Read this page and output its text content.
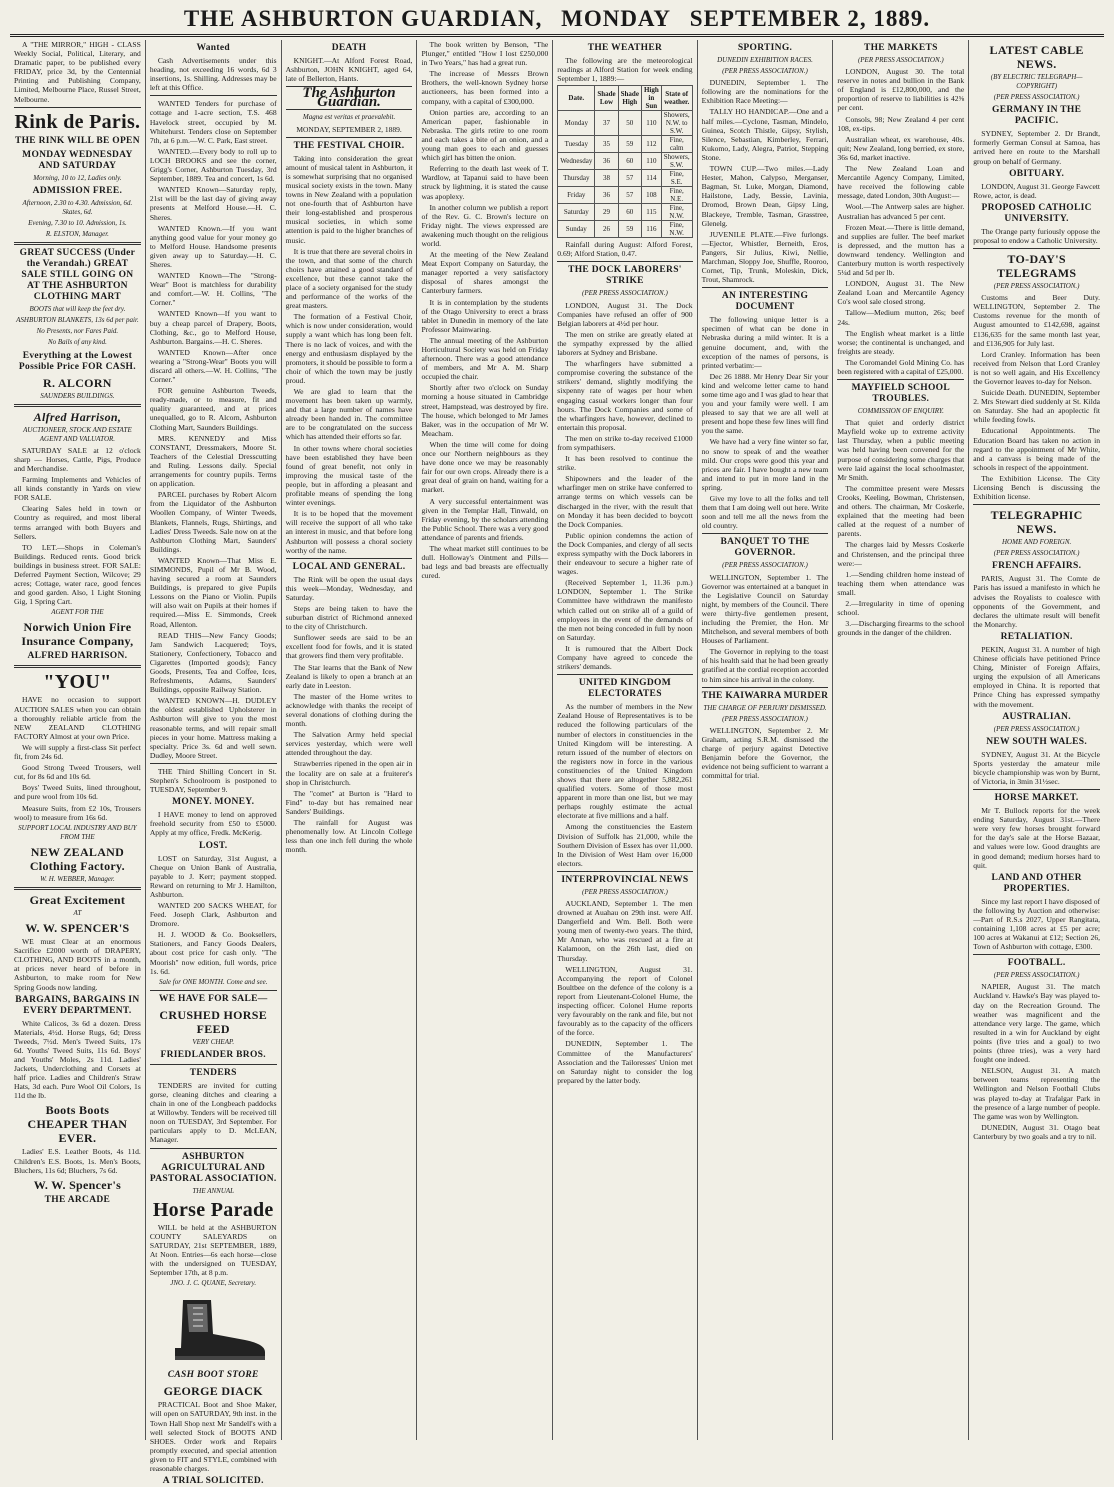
THE ASHBURTON GUARDIAN, MONDAY SEPTEMBER 2, 1889.

A "THE MIRROR," HIGH - CLASS Weekly Social, Political, Literary, and Dramatic paper, to be published every FRIDAY, price 3d, by the Centennial Printing and Publishing Company, Limited, Melbourne Place, Russel Street, Melbourne.

Rink de Paris.
THE RINK WILL BE OPEN
MONDAY WEDNESDAY AND SATURDAY
Morning, 10 to 12, Ladies only.
ADMISSION FREE.
Afternoon, 2.30 to 4.30. Admission, 6d. Skates, 6d.
Evening, 7.30 to 10. Admission, 1s.
R. ELSTON, Manager.
GREAT SUCCESS (Under the Verandah.) GREAT SALE STILL GOING ON AT THE ASHBURTON CLOTHING MART
BOOTS that will keep the feet dry.
ASHBURTON BLANKETS, 13s 6d per pair.
No Presents, nor Fares Paid.
No Bails of any kind.
Everything at the Lowest Possible Price FOR CASH.
R. ALCORN
SAUNDERS BUILDINGS.
Alfred Harrison,
AUCTIONEER, STOCK AND ESTATE AGENT AND VALUATOR.

SATURDAY SALE at 12 o'clock sharp — Horses, Cattle, Pigs, Produce and Merchandise.

Farming Implements and Vehicles of all kinds constantly in Yards on view FOR SALE.

Clearing Sales held in town or Country as required, and most liberal terms arranged with both Buyers and Sellers.

TO LET.—Shops in Coleman's Buildings. Reduced rents. Good brick buildings in business street. FOR SALE: Deferred Payment Section, Wilcove; 29 acres; Cottage, water race, good fences and good garden. Also, 1 Light Stoning Gig, 1 Spring Cart.

AGENT FOR THE
Norwich Union Fire Insurance Company,
ALFRED HARRISON.
"YOU"

HAVE no occasion to support AUCTION SALES when you can obtain a thoroughly reliable article from the NEW ZEALAND CLOTHING FACTORY Almost at your own Price.

We will supply a first-class Sit perfect fit, from 24s 6d.

Good Strong Tweed Trousers, well cut, for 8s 6d and 10s 6d.

Boys' Tweed Suits, lined throughout, and pure wool from 10s 6d.

Measure Suits, from £2 10s, Trousers wool) to measure from 16s 6d.

SUPPORT LOCAL INDUSTRY AND BUY FROM THE
NEW ZEALAND Clothing Factory.
W. H. WEBBER, Manager.
Great Excitement
AT
W. W. SPENCER'S

WE must Clear at an enormous Sacrifice £2000 worth of DRAPERY, CLOTHING, AND BOOTS in a month, at prices never heard of before in Ashburton, to make room for New Spring Goods now landing.

BARGAINS, BARGAINS IN EVERY DEPARTMENT.

White Calicos, 3s 6d a dozen. Dress Materials, 4½d. Horse Rugs, 6d; Dress Tweeds, 7½d. Men's Tweed Suits, 17s 6d. Youths' Tweed Suits, 11s 6d. Boys' and Youths' Moles, 2s 11d. Ladies' Jackets, Underclothing and Corsets at half price. Ladies and Children's Straw Hats, 3d each. Pure Wool Oil Colors, 1s 11d the lb.

Boots Boots CHEAPER THAN EVER.

Ladies' E.S. Leather Boots, 4s 11d. Children's E.S. Boots, 1s. Men's Boots, Bluchers, 11s 6d; Bluchers, 7s 6d.

W. W. Spencer's
THE ARCADE
Wanted

Cash Advertisements under this heading, not exceeding 16 words, 6d 3 insertions, 1s. Shilling. Addresses may be left at this Office.

WANTED Tenders for purchase of cottage and 1-acre section, T.S. 468 Havelock street, occupied by M. Whitehurst. Tenders close on September 7th, at 6 p.m.—W. C. Park, East street.

WANTED.—Every body to roll up to LOCH BROOKS and see the corner, Grigg's Corner, Ashburton Tuesday, 3rd September, 1889. Tea and concert, 1s 6d.

WANTED Known—Saturday reply, 21st will be the last day of giving away presents at Melford House.—H. C. Sheres.

WANTED Known.—If you want anything good value for your money go to Melford House. Handsome presents given away up to Saturday.—H. C. Sheres.

WANTED Known—The "Strong-Wear" Boot is matchless for durability and comfort.—W. H. Collins, "The Corner."

WANTED Known—If you want to buy a cheap parcel of Drapery, Boots, Clothing, &c., go to Melford House, Ashburton. Bargains.—H. C. Sheres.

WANTED Known—After once wearing a "Strong-Wear" Boots you will discard all others.—W. H. Collins, "The Corner."

FOR genuine Ashburton Tweeds, ready-made, or to measure, fit and quality guaranteed, and at prices unequalled, go to R. Alcorn, Ashburton Clothing Mart, Saunders Buildings.

MRS. KENNEDY and Miss CONSTANT, Dressmakers, Moore St. Teachers of the Celestial Dresscutting and Ruling. Lessons daily. Special arrangements for country pupils. Terms on application.

PARCEL purchases by Robert Alcorn from the Liquidator of the Ashburton Woollen Company, of Winter Tweeds, Blankets, Flannels, Rugs, Shirtings, and Ladies' Dress Tweeds. Sale now on at the Ashburton Clothing Mart, Saunders' Buildings.

WANTED Known—That Miss E. SIMMONDS, Pupil of Mr B. Wood, having secured a room at Saunders Buildings, is prepared to give Pupils Lessons on the Piano or Violin. Pupils will also wait on Pupils at their homes if required.—Miss E. Simmonds, Creek Road, Allenton.

READ THIS—New Fancy Goods; Jam Sandwich Lacquered; Toys, Stationery, Confectionery, Tobacco and Cigarettes (Imported goods); Fancy Goods, Presents, Tea and Coffee, Ices, Refreshments, Adams, Saunders' Buildings, opposite Railway Station.

WANTED KNOWN—H. DUDLEY the oldest established Upholsterer in Ashburton will give to you the most reasonable terms, and will repair small pieces in your home. Mattress making a specialty. Price 3s. 6d and well sewn. Dudley, Moore Street.

THE Third Shilling Concert in St. Stephen's Schoolroom is postponed to TUESDAY, September 9.

MONEY. MONEY.

I HAVE money to lend on approved freehold security from £50 to £5000. Apply at my office, Fredk. McKerig.

LOST.

LOST on Saturday, 31st August, a Cheque on Union Bank of Australia, payable to J. Kerr; payment stopped. Reward on returning to Mr J. Hamilton, Ashburton.

WANTED 200 SACKS WHEAT, for Feed. Joseph Clark, Ashburton and Dromore.

H. J. WOOD & Co. Booksellers, Stationers, and Fancy Goods Dealers, about cost price for cash only. "The Moorish" now edition, full words, price 1s. 6d.

Sale for ONE MONTH. Come and see.
WE HAVE FOR SALE—
CRUSHED HORSE FEED
VERY CHEAP.
FRIEDLANDER BROS.
TENDERS

TENDERS are invited for cutting gorse, cleaning ditches and clearing a chain in one of the Longbeach paddocks at Willowby. Tenders will be received till noon on TUESDAY, 3rd September. For particulars apply to D. McLEAN, Manager.

ASHBURTON AGRICULTURAL AND PASTORAL ASSOCIATION.
THE ANNUAL
Horse Parade

WILL be held at the ASHBURTON COUNTY SALEYARDS on SATURDAY, 21st SEPTEMBER, 1889, At Noon. Entries—6s each horse—close with the undersigned on TUESDAY, September 17th, at 8 p.m.

JNO. J. C. QUANE, Secretary.
CASH BOOT STORE
GEORGE DIACK

PRACTICAL Boot and Shoe Maker, will open on SATURDAY, 9th inst. in the Town Hall Shop next Mr Sandell's with a well selected Stock of BOOTS AND SHOES. Order work and Repairs promptly executed, and special attention given to FIT and STYLE, combined with reasonable charges.

A TRIAL SOLICITED.
DEATH

KNIGHT.—At Alford Forest Road, Ashburton, JOHN KNIGHT, aged 64, late of Bellerton, Hants.

The Ashburton Guardian.
Magna est veritas et praevalebit.
MONDAY, SEPTEMBER 2, 1889.
THE FESTIVAL CHOIR.

Taking into consideration the great amount of musical talent in Ashburton, it is somewhat surprising that no organised musical society exists in the town. Many towns in New Zealand with a population not one-fourth that of Ashburton have their long-established and prosperous musical societies, in which some attention is paid to the higher branches of music.

It is true that there are several choirs in the town, and that some of the church choirs have attained a good standard of excellence, but these cannot take the place of a society organised for the study and performance of the works of the great masters.

The formation of a Festival Choir, which is now under consideration, would supply a want which has long been felt. There is no lack of voices, and with the energy and enthusiasm displayed by the promoters, it should be possible to form a choir of which the town may be justly proud.

We are glad to learn that the movement has been taken up warmly, and that a large number of names have already been handed in. The committee are to be congratulated on the success which has attended their efforts so far.

In other towns where choral societies have been established they have been found of great benefit, not only in improving the musical taste of the people, but in affording a pleasant and profitable means of spending the long winter evenings.

It is to be hoped that the movement will receive the support of all who take an interest in music, and that before long Ashburton will possess a choral society worthy of the name.

LOCAL AND GENERAL.

The Rink will be open the usual days this week—Monday, Wednesday, and Saturday.

Steps are being taken to have the suburban district of Richmond annexed to the city of Christchurch.

Sunflower seeds are said to be an excellent food for fowls, and it is stated that growers find them very profitable.

The Star learns that the Bank of New Zealand is likely to open a branch at an early date in Leeston.

The master of the Home writes to acknowledge with thanks the receipt of several donations of clothing during the month.

The Salvation Army held special services yesterday, which were well attended throughout the day.

Strawberries ripened in the open air in the locality are on sale at a fruiterer's shop in Christchurch.

The "comet" at Burton is "Hard to Find" to-day but has remained near Sanders' Buildings.

The rainfall for August was phenomenally low. At Lincoln College less than one inch fell during the whole month.

The book written by Benson, "The Plunger," entitled "How I lost £250,000 in Two Years," has had a great run.

The increase of Messrs Brown Brothers, the well-known Sydney horse auctioneers, has been formed into a company, with a capital of £300,000.

Onion parties are, according to an American paper, fashionable in Nebraska. The girls retire to one room and each takes a bite of an onion, and a young man goes to each and guesses which girl has bitten the onion.

Referring to the death last week of T. Wardlow, at Tapanui said to have been struck by lightning, it is stated the cause was apoplexy.

In another column we publish a report of the Rev. G. C. Brown's lecture on Friday night. The views expressed are awakening much thought on the religious world.

At the meeting of the New Zealand Meat Export Company on Saturday, the manager reported a very satisfactory disposal of shares amongst the Canterbury farmers.

It is in contemplation by the students of the Otago University to erect a brass tablet in Dunedin in memory of the late Professor Mainwaring.

The annual meeting of the Ashburton Horticultural Society was held on Friday afternoon. There was a good attendance of members, and Mr A. M. Sharp occupied the chair.

Shortly after two o'clock on Sunday morning a house situated in Cambridge street, Hampstead, was destroyed by fire. The house, which belonged to Mr James Baker, was in the occupation of Mr W. Meacham.

When the time will come for doing once our Northern neighbours as they have done once we may be reasonably fair for our own crops. Already there is a great deal of grain on hand, waiting for a market.

A very successful entertainment was given in the Templar Hall, Tinwald, on Friday evening, by the scholars attending the Public School. There was a very good attendance of parents and friends.

The wheat market still continues to be dull. Holloway's Ointment and Pills—bad legs and bad breasts are effectually cured.

THE WEATHER

The following are the meteorological readings at Alford Station for week ending September 1, 1889:—

Date.	Shade Low	Shade High	High in Sun	State of weather.
Monday	37	50	110	Showers, N.W. to S.W.
Tuesday	35	59	112	Fine, calm
Wednesday	36	60	110	Showers, S.W.
Thursday	38	57	114	Fine, S.E.
Friday	36	57	108	Fine, N.E.
Saturday	29	60	115	Fine, N.W.
Sunday	26	59	116	Fine, N.W.

Rainfall during August: Alford Forest, 0.69; Alford Station, 0.47.

THE DOCK LABORERS' STRIKE
(PER PRESS ASSOCIATION.)

LONDON, August 31. The Dock Companies have refused an offer of 900 Belgian laborers at 4½d per hour.

The men on strike are greatly elated at the sympathy expressed by the allied laborers at Sydney and Brisbane.

The wharfingers have submitted a compromise covering the substance of the strikers' demand, slightly modifying the sixpenny rate of wages per hour when engaging casual workers longer than four hours. The Dock Companies and some of the wharfingers have, however, declined to entertain this proposal.

The men on strike to-day received £1000 from sympathisers.

It has been resolved to continue the strike.

Shipowners and the leader of the wharfinger men on strike have conferred to arrange terms on which vessels can be discharged in the river, with the result that on Monday it has been decided to boycott the Dock Companies.

Public opinion condemns the action of the Dock Companies, and clergy of all sects express sympathy with the Dock laborers in their endeavour to secure a higher rate of wages.

(Received September 1, 11.36 p.m.) LONDON, September 1. The Strike Committee have withdrawn the manifesto which called out on strike all of a guild of employees in the event of the demands of the men not being conceded in full by noon on Saturday.

It is rumoured that the Albert Dock Company have agreed to concede the strikers' demands.

UNITED KINGDOM ELECTORATES

As the number of members in the New Zealand House of Representatives is to be reduced the following particulars of the number of electors in constituencies in the United Kingdom will be interesting. A return issued of the number of electors on the registers now in force in the various constituencies of the United Kingdom shows that there are altogether 5,882,261 qualified voters. Some of those most apparent in more than one list, but we may perhaps roughly estimate the actual electorate at five millions and a half.

Among the constituencies the Eastern Division of Suffolk has 21,000, while the Southern Division of Essex has over 11,000. In the Division of West Ham over 16,000 electors.

INTERPROVINCIAL NEWS
(PER PRESS ASSOCIATION.)

AUCKLAND, September 1. The men drowned at Auahau on 29th inst. were Alf. Dangerfield and Wm. Bell. Both were young men of twenty-two years. The third, Mr Annan, who was rescued at a fire at Kalamoon, on the 26th last, died on Thursday.

WELLINGTON, August 31. Accompanying the report of Colonel Boultbee on the defence of the colony is a report from Lieutenant-Colonel Hume, the inspecting officer. Colonel Hume reports very favourably on the rank and file, but not favourably as to the capacity of the officers of the force.

DUNEDIN, September 1. The Committee of the Manufacturers' Association and the Tailoresses' Union met on Saturday night to consider the log prepared by the latter body.

SPORTING.
DUNEDIN EXHIBITION RACES.
(PER PRESS ASSOCIATION.)

DUNEDIN, September 1. The following are the nominations for the Exhibition Race Meeting:—

TALLY HO HANDICAP.—One and a half miles.—Cyclone, Tasman, Mindelo, Guinea, Scotch Thistle, Gipsy, Stylish, Silence, Sebastian, Kimberley, Ferrari, Kukomo, Lady, Alegra, Patriot, Stepping Stone.

TOWN CUP.—Two miles.—Lady Hester, Mahon, Calypso, Merganser, Bagman, St. Luke, Morgan, Diamond, Hailstone, Lady, Bessie, Lavinia, Dromod, Brown Dean, Gipsy Ling, Blackeye, Tremble, Tasman, Grasstree, Glenelg.

JUVENILE PLATE.—Five furlongs.—Ejector, Whistler, Berneith, Eros, Pangers, Sir Julius, Kiwi, Nellie, Marchman, Sloppy Joe, Shuffle, Rooroo, Cornet, Tip, Trunk, Moleskin, Dick, Trout, Shamrock.

AN INTERESTING DOCUMENT

The following unique letter is a specimen of what can be done in Nebraska during a mild winter. It is a genuine document, and, with the exception of the names of persons, is printed verbatim:—

Dec 26 1888. Mr Henry Dear Sir your kind and welcome letter came to hand some time ago and I was glad to hear that you and your family were well. I am pleased to say that we are all well at present and hope these few lines will find you the same.

We have had a very fine winter so far, no snow to speak of and the weather mild. Our crops were good this year and prices are fair. I have bought a new team and intend to put in more land in the spring.

Give my love to all the folks and tell them that I am doing well out here. Write soon and tell me all the news from the old country.

BANQUET TO THE GOVERNOR.
(PER PRESS ASSOCIATION.)

WELLINGTON, September 1. The Governor was entertained at a banquet in the Legislative Council on Saturday night, by members of the Council. There were thirty-five gentlemen present, including the Premier, the Hon. Mr Mitchelson, and several members of both Houses of Parliament.

The Governor in replying to the toast of his health said that he had been greatly gratified at the cordial reception accorded to him since his arrival in the colony.

THE KAIWARRA MURDER
THE CHARGE OF PERJURY DISMISSED.
(PER PRESS ASSOCIATION.)

WELLINGTON, September 2. Mr Graham, acting S.R.M. dismissed the charge of perjury against Detective Benjamin before the Governor, the evidence not being sufficient to warrant a committal for trial.

THE MARKETS
(PER PRESS ASSOCIATION.)

LONDON, August 30. The total reserve in notes and bullion in the Bank of England is £12,800,000, and the proportion of reserve to liabilities is 42⅝ per cent.

Consols, 98; New Zealand 4 per cent 108, ex-tips.

Australian wheat, ex warehouse, 40s. quit; New Zealand, long berried, ex store, 36s 6d, market inactive.

The New Zealand Loan and Mercantile Agency Company, Limited, have received the following cable message, dated London, 30th August:—

Wool.—The Antwerp sales are higher. Australian has advanced 5 per cent.

Frozen Meat.—There is little demand, and supplies are fuller. The beef market is depressed, and the mutton has a downward tendency. Wellington and Canterbury mutton is worth respectively 5¼d and 5d per lb.

LONDON, August 31. The New Zealand Loan and Mercantile Agency Co's wool sale closed strong.

Tallow—Medium mutton, 26s; beef 24s.

The English wheat market is a little worse; the continental is unchanged, and freights are steady.

The Coromandel Gold Mining Co. has been registered with a capital of £25,000.

MAYFIELD SCHOOL TROUBLES.
COMMISSION OF ENQUIRY.

That quiet and orderly district Mayfield woke up to extreme activity last Thursday, when a public meeting was held having been convened for the purpose of considering some charges that were laid against the local schoolmaster, Mr Smith.

The committee present were Messrs Crooks, Keeling, Bowman, Christensen, and others. The chairman, Mr Coskerle, explained that the meeting had been called at the request of a number of parents.

The charges laid by Messrs Coskerle and Christensen, and the principal three were:—

1.—Sending children home instead of teaching them when attendance was small.

2.—Irregularity in time of opening school.

3.—Discharging firearms to the school grounds in the danger of the children.

LATEST CABLE NEWS.
(BY ELECTRIC TELEGRAPH—COPYRIGHT)
(PER PRESS ASSOCIATION.)
GERMANY IN THE PACIFIC.

SYDNEY, September 2. Dr Brandt, formerly German Consul at Samoa, has arrived here en route to the Marshall group on behalf of Germany.

OBITUARY.

LONDON, August 31. George Fawcett Rowe, actor, is dead.

PROPOSED CATHOLIC UNIVERSITY.

The Orange party furiously oppose the proposal to endow a Catholic University.

TO-DAY'S TELEGRAMS
(PER PRESS ASSOCIATION.)

Customs and Beer Duty. WELLINGTON, September 2. The Customs revenue for the month of August amounted to £142,698, against £136,635 for the same month last year, and £136,905 for July last.

Lord Cranley. Information has been received from Nelson that Lord Cranley is not so well again, and His Excellency the Governor leaves to-day for Nelson.

Suicide Death. DUNEDIN, September 2. Mrs Stewart died suddenly at St. Kilda on Saturday. She had an apoplectic fit while feeding fowls.

Educational Appointments. The Education Board has taken no action in regard to the appointment of Mr White, and a canvass is being made of the schools in respect of the appointment.

The Exhibition License. The City Licensing Bench is discussing the Exhibition license.

TELEGRAPHIC NEWS.
HOME AND FOREIGN.
(PER PRESS ASSOCIATION.)
FRENCH AFFAIRS.

PARIS, August 31. The Comte de Paris has issued a manifesto in which he advises the Royalists to coalesce with opponents of the Government, and declares the ultimate result will benefit the Monarchy.

RETALIATION.

PEKIN, August 31. A number of high Chinese officials have petitioned Prince Ching, Minister of Foreign Affairs, urging the expulsion of all Americans employed in China. It is reported that Prince Ching has expressed sympathy with the movement.

AUSTRALIAN.
(PER PRESS ASSOCIATION.)
NEW SOUTH WALES.

SYDNEY, August 31. At the Bicycle Sports yesterday the amateur mile bicycle championship was won by Burnt, of Victoria, in 3min 31½sec.

HORSE MARKET.

Mr T. Bullock reports for the week ending Saturday, August 31st.—There were very few horses brought forward for the day's sale at the Horse Bazaar, and values were low. Good draughts are in good demand; medium horses hard to quit.

LAND AND OTHER PROPERTIES.

Since my last report I have disposed of the following by Auction and otherwise:—Part of R.S.s 2027, Upper Rangitata, containing 1,108 acres at £5 per acre; 100 acres at Wakanui at £12; Section 26, Town of Ashburton with cottage, £300.

FOOTBALL.
(PER PRESS ASSOCIATION.)

NAPIER, August 31. The match Auckland v. Hawke's Bay was played to-day on the Recreation Ground. The weather was magnificent and the attendance very large. The game, which resulted in a win for Auckland by eight points (five tries and a goal) to two points (three tries), was a very hard fought one indeed.

NELSON, August 31. A match between teams representing the Wellington and Nelson Football Clubs was played to-day at Trafalgar Park in the presence of a large number of people. The game was won by Wellington.

DUNEDIN, August 31. Otago beat Canterbury by two goals and a try to nil.
